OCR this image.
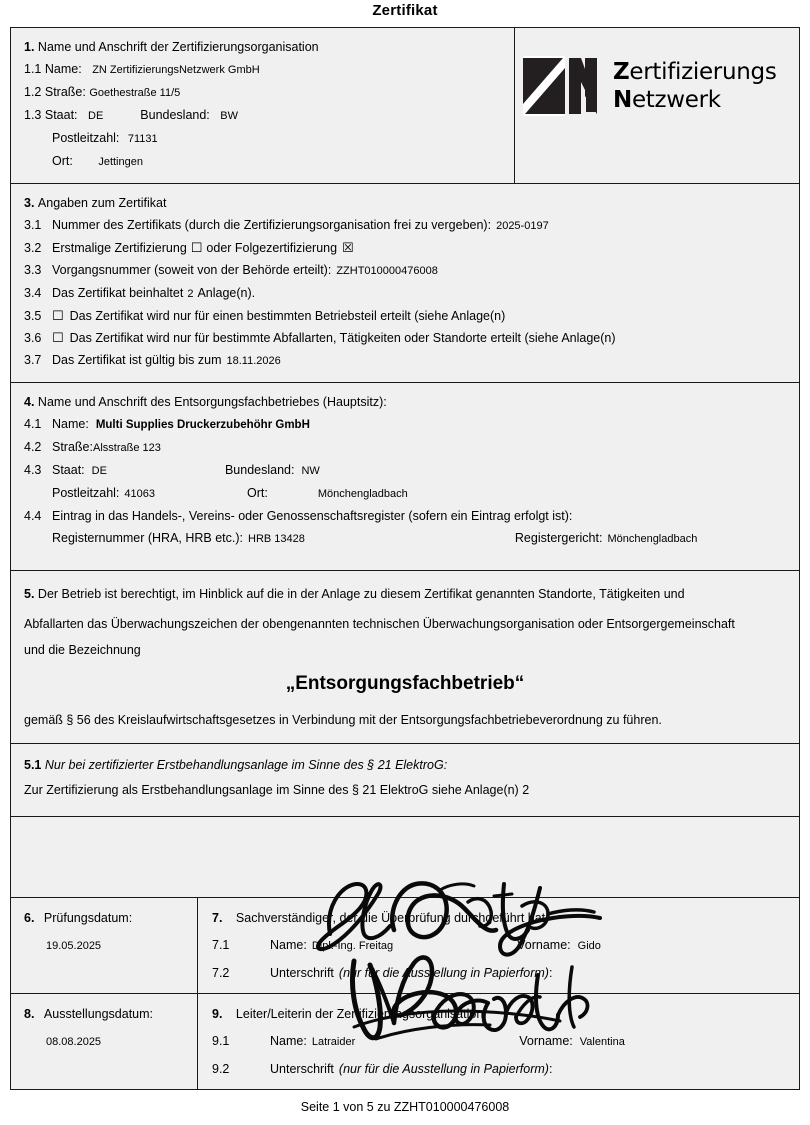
Zertifikat
1. Name und Anschrift der Zertifizierungsorganisation
1.1 Name: ZN ZertifizierungsNetzwerk GmbH
1.2 Straße: Goethestraße 11/5
1.3 Staat: DE	Bundesland: BW
Postleitzahl: 71131
Ort: Jettingen
Zertifizierungs
Netzwerk
3. Angaben zum Zertifikat
3.1 Nummer des Zertifikats (durch die Zertifizierungsorganisation frei zu vergeben): 2025-0197
3.2 Erstmalige Zertifizierung ☐ oder Folgezertifizierung ☒
3.3 Vorgangsnummer (soweit von der Behörde erteilt): ZZHT010000476008
3.4 Das Zertifikat beinhaltet 2 Anlage(n).
3.5 ☐ Das Zertifikat wird nur für einen bestimmten Betriebsteil erteilt (siehe Anlage(n)
3.6 ☐ Das Zertifikat wird nur für bestimmte Abfallarten, Tätigkeiten oder Standorte erteilt (siehe Anlage(n)
3.7 Das Zertifikat ist gültig bis zum 18.11.2026
4. Name und Anschrift des Entsorgungsfachbetriebes (Hauptsitz):
4.1 Name: Multi Supplies Druckerzubehöhr GmbH
4.2 Straße:Alsstraße 123
4.3 Staat: DE	Bundesland: NW
Postleitzahl: 41063	Ort:	Mönchengladbach
4.4 Eintrag in das Handels-, Vereins- oder Genossenschaftsregister (sofern ein Eintrag erfolgt ist):
Registernummer (HRA, HRB etc.): HRB 13428	Registergericht: Mönchengladbach
5. Der Betrieb ist berechtigt, im Hinblick auf die in der Anlage zu diesem Zertifikat genannten Standorte, Tätigkeiten und
Abfallarten das Überwachungszeichen der obengenannten technischen Überwachungsorganisation oder Entsorgergemeinschaft
und die Bezeichnung
„Entsorgungsfachbetrieb“
gemäß § 56 des Kreislaufwirtschaftsgesetzes in Verbindung mit der Entsorgungsfachbetriebeverordnung zu führen.
5.1 Nur bei zertifizierter Erstbehandlungsanlage im Sinne des § 21 ElektroG:
Zur Zertifizierung als Erstbehandlungsanlage im Sinne des § 21 ElektroG siehe Anlage(n) 2
6. Prüfungsdatum:
19.05.2025
7. Sachverständiger, der die Überprüfung durchgeführt hat:
7.1	Name: Dipl.-Ing. Freitag	Vorname: Gido
7.2	Unterschrift (nur für die Ausstellung in Papierform):
8. Ausstellungsdatum:
08.08.2025
9. Leiter/Leiterin der Zertifizierungsorganisation:
9.1	Name: Latraider	Vorname: Valentina
9.2	Unterschrift (nur für die Ausstellung in Papierform):
Seite 1 von 5 zu ZZHT010000476008
